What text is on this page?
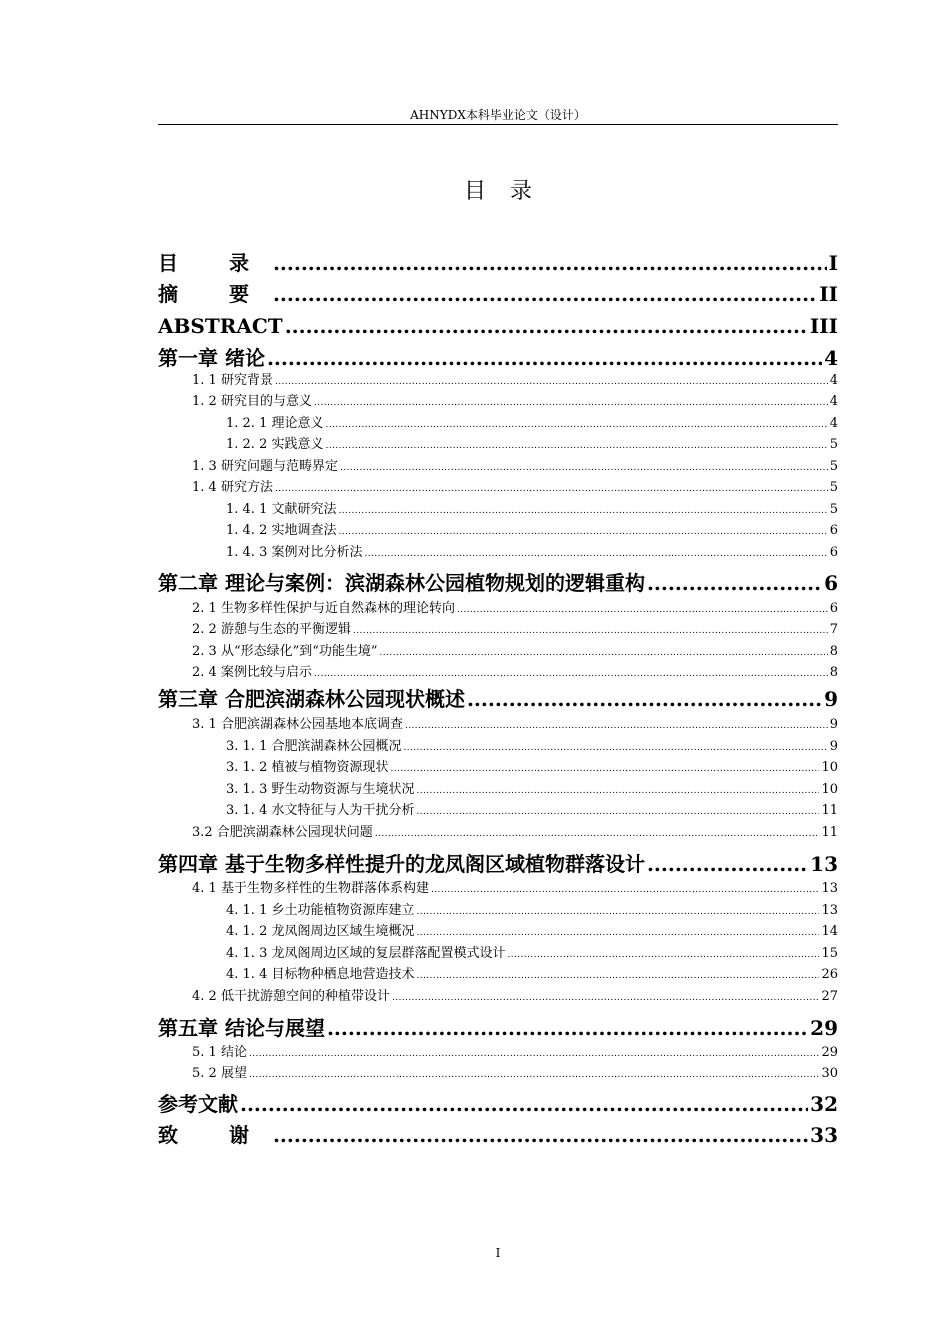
AHNYDX本科毕业论文（设计）
目录
目 录 .....	I
摘 要 .....	II
ABSTRACT .....	III
第一章 绪论 .....	4
1. 1 研究背景 .....	4
1. 2 研究目的与意义 .....	4
1. 2. 1 理论意义 .....	4
1. 2. 2 实践意义 .....	5
1. 3 研究问题与范畴界定 .....	5
1. 4 研究方法 .....	5
1. 4. 1 文献研究法 .....	5
1. 4. 2 实地调查法 .....	6
1. 4. 3 案例对比分析法 .....	6
第二章 理论与案例：滨湖森林公园植物规划的逻辑重构 .....	6
2. 1 生物多样性保护与近自然森林的理论转向 .....	6
2. 2 游憩与生态的平衡逻辑 .....	7
2. 3 从“形态绿化”到“功能生境” .....	8
2. 4 案例比较与启示 .....	8
第三章 合肥滨湖森林公园现状概述 .....	9
3. 1 合肥滨湖森林公园基地本底调查 .....	9
3. 1. 1 合肥滨湖森林公园概况 .....	9
3. 1. 2 植被与植物资源现状 .....	10
3. 1. 3 野生动物资源与生境状况 .....	10
3. 1. 4 水文特征与人为干扰分析 .....	11
3.2 合肥滨湖森林公园现状问题 .....	11
第四章 基于生物多样性提升的龙凤阁区域植物群落设计 .....	13
4. 1 基于生物多样性的生物群落体系构建 .....	13
4. 1. 1 乡土功能植物资源库建立 .....	13
4. 1. 2 龙凤阁周边区域生境概况 .....	14
4. 1. 3 龙凤阁周边区域的复层群落配置模式设计 .....	15
4. 1. 4 目标物种栖息地营造技术 .....	26
4. 2 低干扰游憩空间的种植带设计 .....	27
第五章 结论与展望 .....	29
5. 1 结论 .....	29
5. 2 展望 .....	30
参考文献 .....	32
致 谢 .....	33
I
